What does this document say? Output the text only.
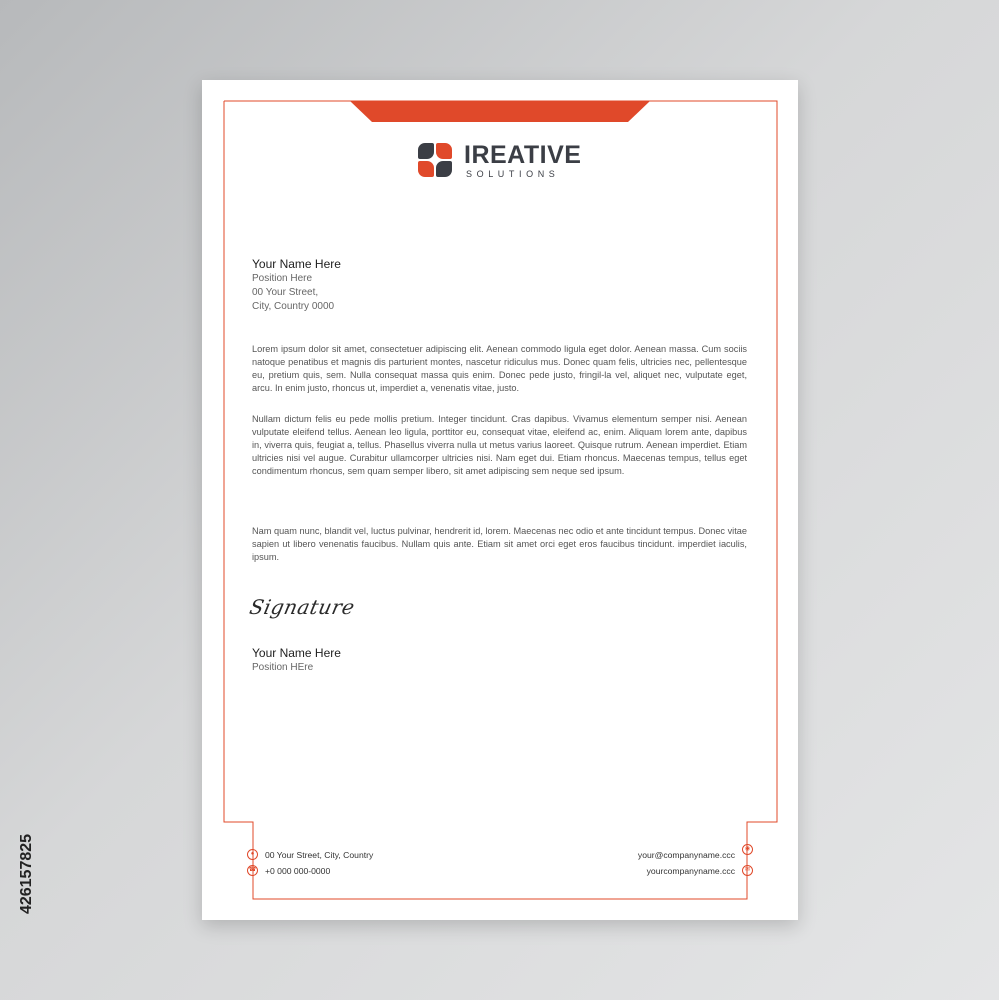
IREATIVE
SOLUTIONS
Your Name Here
Position Here
00 Your Street,
City, Country 0000
Lorem ipsum dolor sit amet, consectetuer adipiscing elit. Aenean commodo ligula eget dolor. Aenean massa. Cum sociis natoque penatibus et magnis dis parturient montes, nascetur ridiculus mus. Donec quam felis, ultricies nec, pellentesque eu, pretium quis, sem. Nulla consequat massa quis enim. Donec pede justo, fringil-la vel, aliquet nec, vulputate eget, arcu. In enim justo, rhoncus ut, imperdiet a, venenatis vitae, justo.
Nullam dictum felis eu pede mollis pretium. Integer tincidunt. Cras dapibus. Vivamus elementum semper nisi. Aenean vulputate eleifend tellus. Aenean leo ligula, porttitor eu, consequat vitae, eleifend ac, enim. Aliquam lorem ante, dapibus in, viverra quis, feugiat a, tellus. Phasellus viverra nulla ut metus varius laoreet. Quisque rutrum. Aenean imperdiet. Etiam ultricies nisi vel augue. Curabitur ullamcorper ultricies nisi. Nam eget dui. Etiam rhoncus. Maecenas tempus, tellus eget condimentum rhoncus, sem quam semper libero, sit amet adipiscing sem neque sed ipsum.
Nam quam nunc, blandit vel, luctus pulvinar, hendrerit id, lorem. Maecenas nec odio et ante tincidunt tempus. Donec vitae sapien ut libero venenatis faucibus. Nullam quis ante. Etiam sit amet orci eget eros faucibus tincidunt. imperdiet iaculis, ipsum.
Signature
Your Name Here
Position HEre
●	00 Your Street, City, Country
☎ +0 000 000-0000
your@companyname.ccc
◉
yourcompanyname.ccc	✉
426157825
